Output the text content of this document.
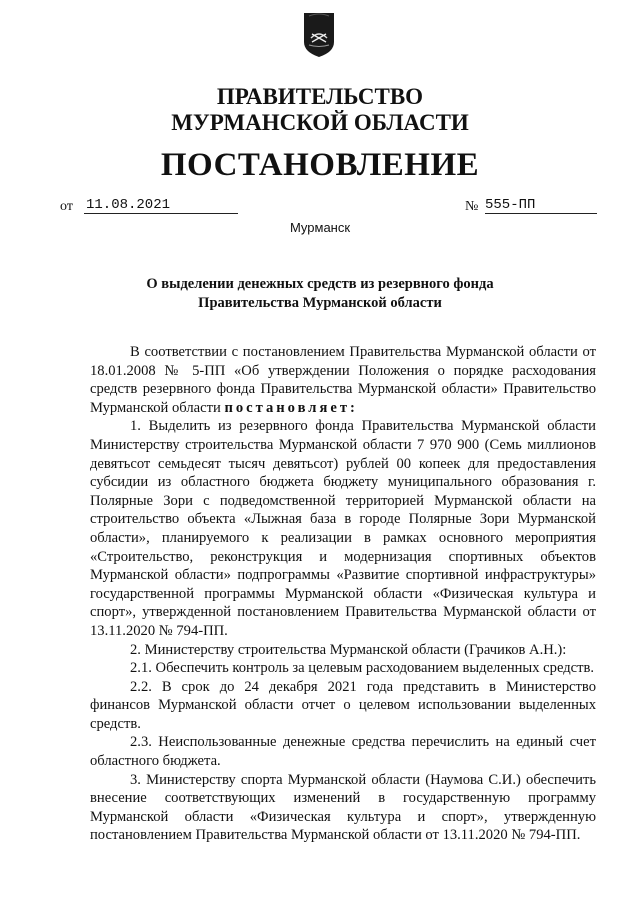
ПРАВИТЕЛЬСТВО
МУРМАНСКОЙ ОБЛАСТИ
ПОСТАНОВЛЕНИЕ
от 11.08.2021	№ 555-ПП
Мурманск
О выделении денежных средств из резервного фонда
Правительства Мурманской области

В соответствии с постановлением Правительства Мурманской области от 18.01.2008 № 5-ПП «Об утверждении Положения о порядке расходования средств резервного фонда Правительства Мурманской области» Правительство Мурманской области постановляет:

1. Выделить из резервного фонда Правительства Мурманской области Министерству строительства Мурманской области 7 970 900 (Семь миллионов девятьсот семьдесят тысяч девятьсот) рублей 00 копеек для предоставления субсидии из областного бюджета бюджету муниципального образования г. Полярные Зори с подведомственной территорией Мурманской области на строительство объекта «Лыжная база в городе Полярные Зори Мурманской области», планируемого к реализации в рамках основного мероприятия «Строительство, реконструкция и модернизация спортивных объектов Мурманской области» подпрограммы «Развитие спортивной инфраструктуры» государственной программы Мурманской области «Физическая культура и спорт», утвержденной постановлением Правительства Мурманской области от 13.11.2020 № 794-ПП.

2. Министерству строительства Мурманской области (Грачиков А.Н.):

2.1. Обеспечить контроль за целевым расходованием выделенных средств.

2.2. В срок до 24 декабря 2021 года представить в Министерство финансов Мурманской области отчет о целевом использовании выделенных средств.

2.3. Неиспользованные денежные средства перечислить на единый счет областного бюджета.

3. Министерству спорта Мурманской области (Наумова С.И.) обеспечить внесение соответствующих изменений в государственную программу Мурманской области «Физическая культура и спорт», утвержденную постановлением Правительства Мурманской области от 13.11.2020 № 794-ПП.
